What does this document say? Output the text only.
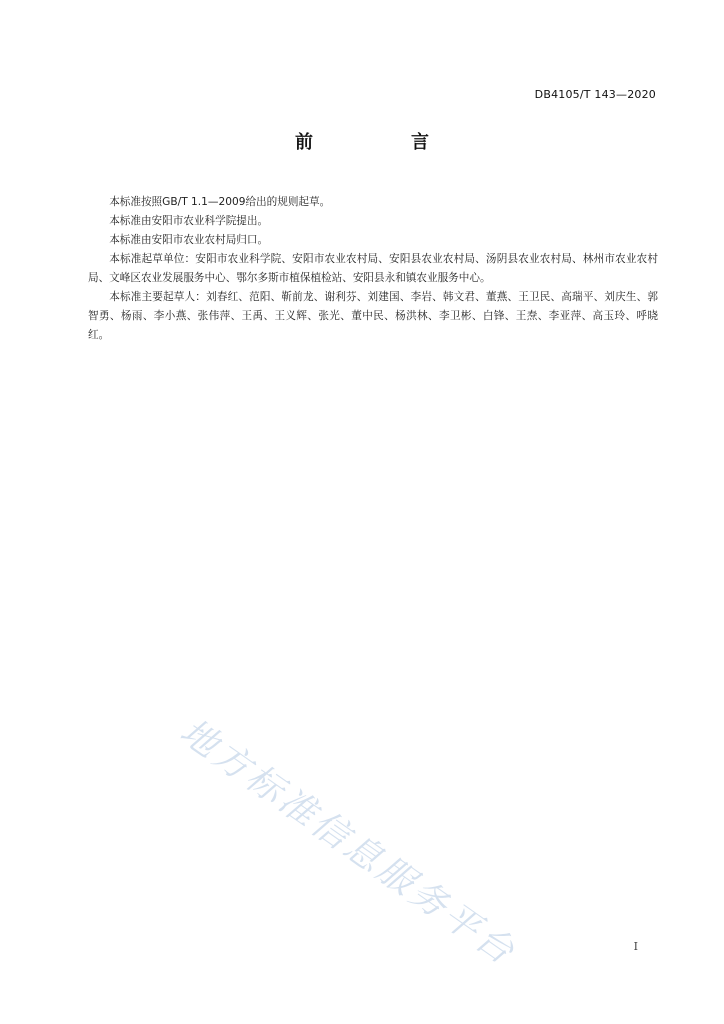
DB4105/T 143—2020
前　言

本标准按照GB/T 1.1—2009给出的规则起草。

本标准由安阳市农业科学院提出。

本标准由安阳市农业农村局归口。

本标准起草单位：安阳市农业科学院、安阳市农业农村局、安阳县农业农村局、汤阴县农业农村局、林州市农业农村局、文峰区农业发展服务中心、鄂尔多斯市植保植检站、安阳县永和镇农业服务中心。

本标准主要起草人：刘春红、范阳、靳前龙、谢利芬、刘建国、李岩、韩文君、董燕、王卫民、高瑞平、刘庆生、郭智勇、杨雨、李小燕、张伟萍、王禹、王义辉、张光、董中民、杨洪林、李卫彬、白锋、王焘、李亚萍、高玉玲、呼晓红。

地方标准信息服务平台	I
